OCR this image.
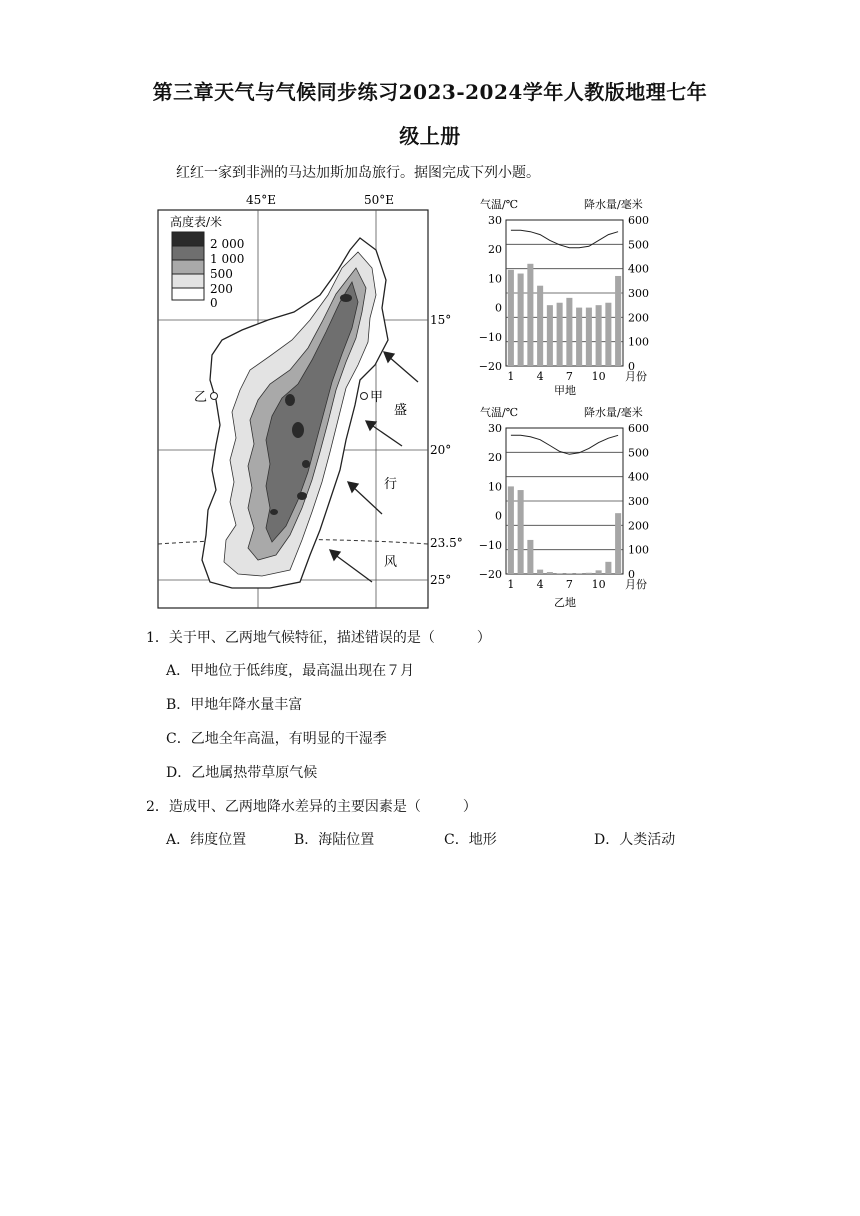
第三章天气与气候同步练习2023-2024学年人教版地理七年
级上册
红红一家到非洲的马达加斯加岛旅行。据图完成下列小题。
高度表/米
2 000
1 000
500
200
0
45°E	50°E
15°
20°
23.5°
25°
乙	甲
盛
行
风
气温/℃	降水量/毫米
600
500
400
300
200
100
0
30
20
10
0
−10
−20
1 4 7 10 月份
甲地
气温/℃	降水量/毫米
600
500
400
300
200
100
0
30
20
10
0
−10
−20
1 4 7 10 月份
乙地
1．关于甲、乙两地气候特征，描述错误的是（　　　）
A．甲地位于低纬度，最高温出现在７月
B．甲地年降水量丰富
C．乙地全年高温，有明显的干湿季
D．乙地属热带草原气候
2．造成甲、乙两地降水差异的主要因素是（　　　）
A．纬度位置	B．海陆位置	C．地形	D．人类活动
